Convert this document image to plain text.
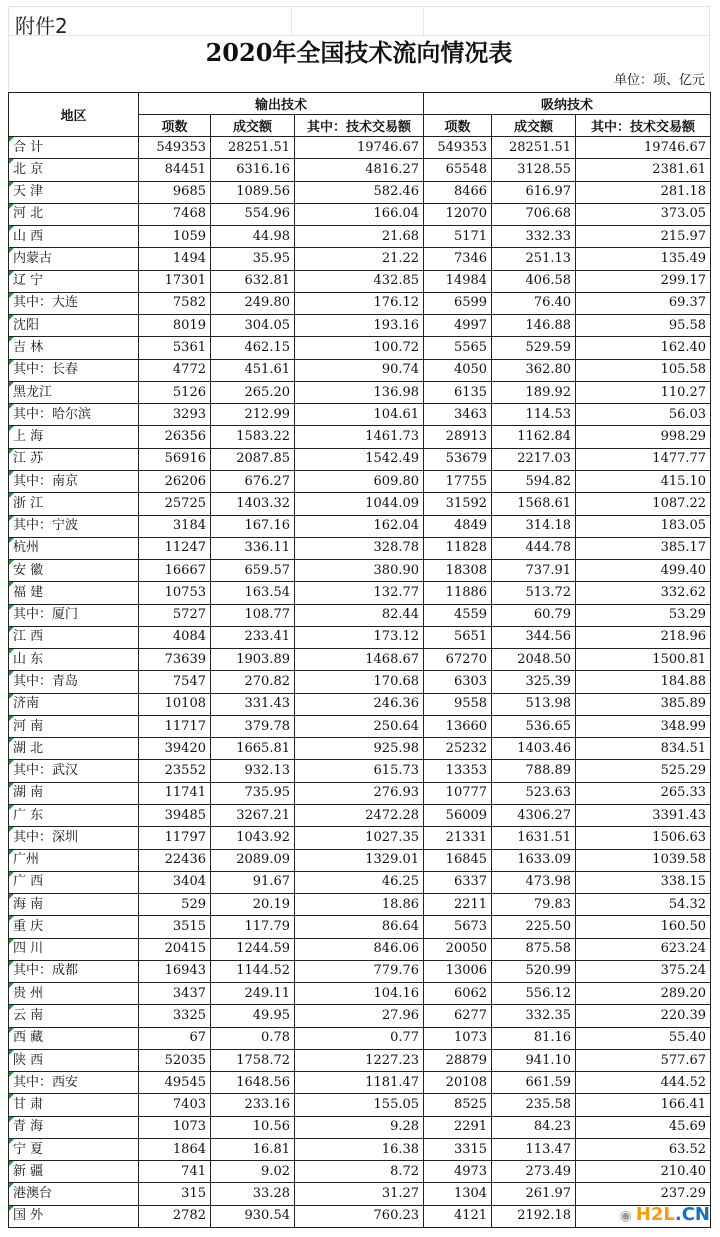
附件2
2020年全国技术流向情况表
单位：项、亿元
地区	输出技术			吸纳技术		
	项数	成交额	其中：技术交易额	项数	成交额	其中：技术交易额
合 计	549353	28251.51	19746.67	549353	28251.51	19746.67
北 京	84451	6316.16	4816.27	65548	3128.55	2381.61
天 津	9685	1089.56	582.46	8466	616.97	281.18
河 北	7468	554.96	166.04	12070	706.68	373.05
山 西	1059	44.98	21.68	5171	332.33	215.97
内蒙古	1494	35.95	21.22	7346	251.13	135.49
辽 宁	17301	632.81	432.85	14984	406.58	299.17
其中：大连	7582	249.80	176.12	6599	76.40	69.37
沈阳	8019	304.05	193.16	4997	146.88	95.58
吉 林	5361	462.15	100.72	5565	529.59	162.40
其中：长春	4772	451.61	90.74	4050	362.80	105.58
黑龙江	5126	265.20	136.98	6135	189.92	110.27
其中：哈尔滨	3293	212.99	104.61	3463	114.53	56.03
上 海	26356	1583.22	1461.73	28913	1162.84	998.29
江 苏	56916	2087.85	1542.49	53679	2217.03	1477.77
其中：南京	26206	676.27	609.80	17755	594.82	415.10
浙 江	25725	1403.32	1044.09	31592	1568.61	1087.22
其中：宁波	3184	167.16	162.04	4849	314.18	183.05
杭州	11247	336.11	328.78	11828	444.78	385.17
安 徽	16667	659.57	380.90	18308	737.91	499.40
福 建	10753	163.54	132.77	11886	513.72	332.62
其中：厦门	5727	108.77	82.44	4559	60.79	53.29
江 西	4084	233.41	173.12	5651	344.56	218.96
山 东	73639	1903.89	1468.67	67270	2048.50	1500.81
其中：青岛	7547	270.82	170.68	6303	325.39	184.88
济南	10108	331.43	246.36	9558	513.98	385.89
河 南	11717	379.78	250.64	13660	536.65	348.99
湖 北	39420	1665.81	925.98	25232	1403.46	834.51
其中：武汉	23552	932.13	615.73	13353	788.89	525.29
湖 南	11741	735.95	276.93	10777	523.63	265.33
广 东	39485	3267.21	2472.28	56009	4306.27	3391.43
其中：深圳	11797	1043.92	1027.35	21331	1631.51	1506.63
广州	22436	2089.09	1329.01	16845	1633.09	1039.58
广 西	3404	91.67	46.25	6337	473.98	338.15
海 南	529	20.19	18.86	2211	79.83	54.32
重 庆	3515	117.79	86.64	5673	225.50	160.50
四 川	20415	1244.59	846.06	20050	875.58	623.24
其中：成都	16943	1144.52	779.76	13006	520.99	375.24
贵 州	3437	249.11	104.16	6062	556.12	289.20
云 南	3325	49.95	27.96	6277	332.35	220.39
西 藏	67	0.78	0.77	1073	81.16	55.40
陕 西	52035	1758.72	1227.23	28879	941.10	577.67
其中：西安	49545	1648.56	1181.47	20108	661.59	444.52
甘 肃	7403	233.16	155.05	8525	235.58	166.41
青 海	1073	10.56	9.28	2291	84.23	45.69
宁 夏	1864	16.81	16.38	3315	113.47	63.52
新 疆	741	9.02	8.72	4973	273.49	210.40
港澳台	315	33.28	31.27	1304	261.97	237.29
国 外	2782	930.54	760.23	4121	2192.18		◉ H2L.CN
